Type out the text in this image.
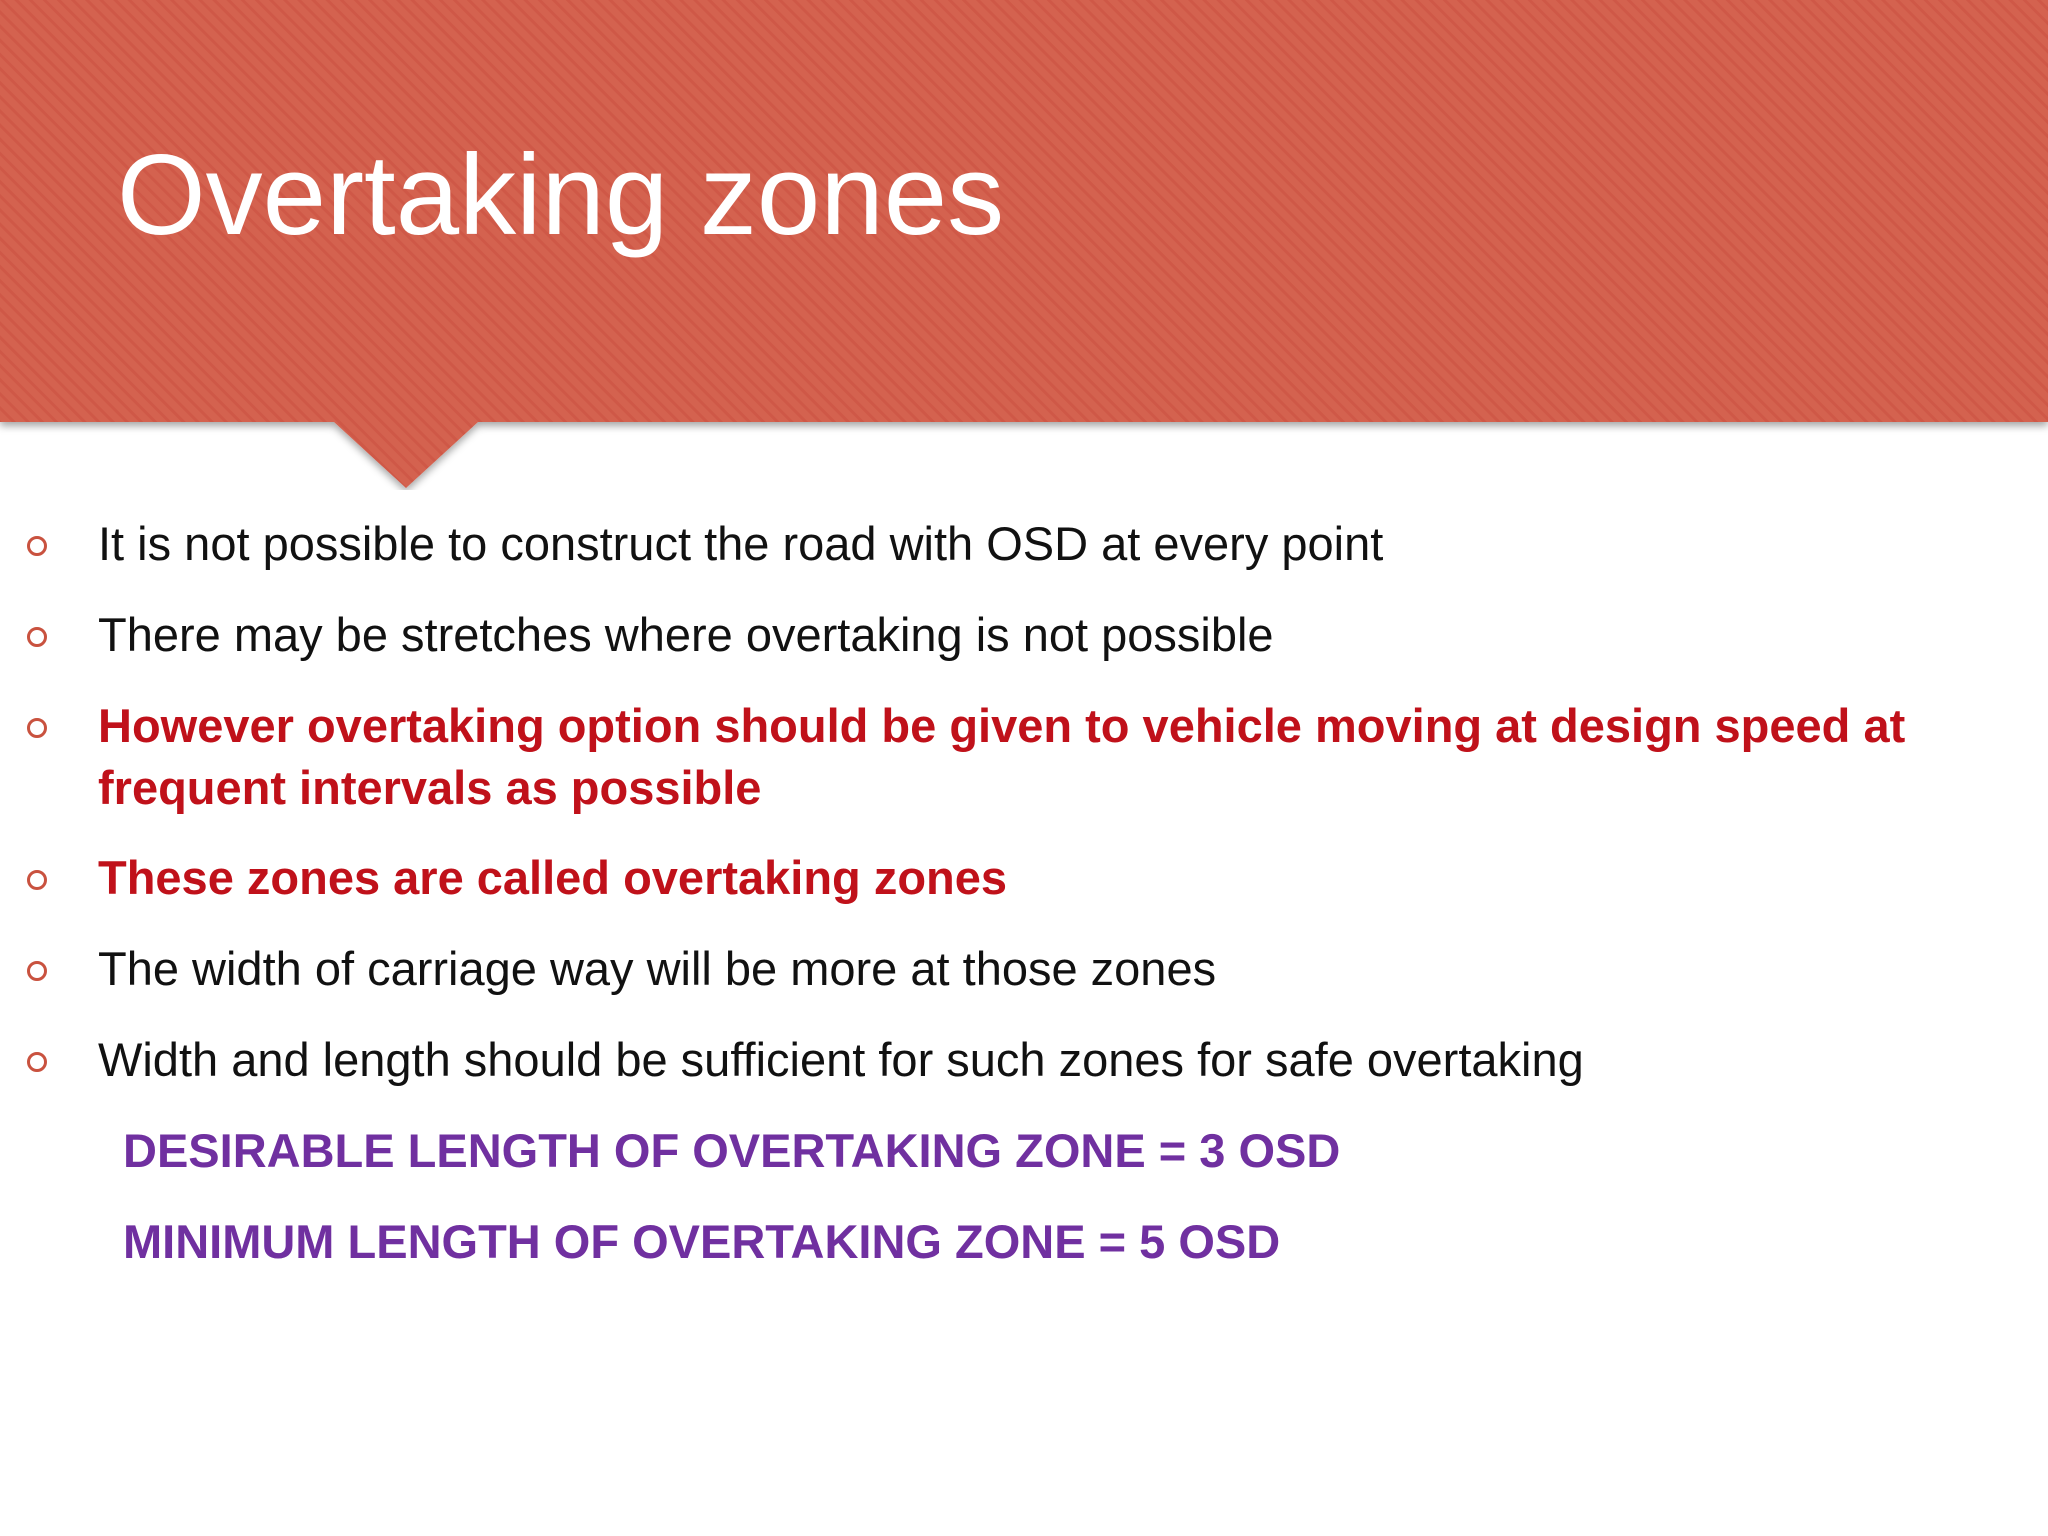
Overtaking zones
It is not possible to construct the road with OSD at every point
There may be stretches where overtaking is not possible
However overtaking option should be given to vehicle moving at design speed at frequent intervals as possible
These zones are called overtaking zones
The width of carriage way will be more at those zones
Width and length should be sufficient for such zones for safe overtaking
DESIRABLE LENGTH OF OVERTAKING ZONE = 3 OSD
MINIMUM LENGTH OF OVERTAKING ZONE = 5 OSD
